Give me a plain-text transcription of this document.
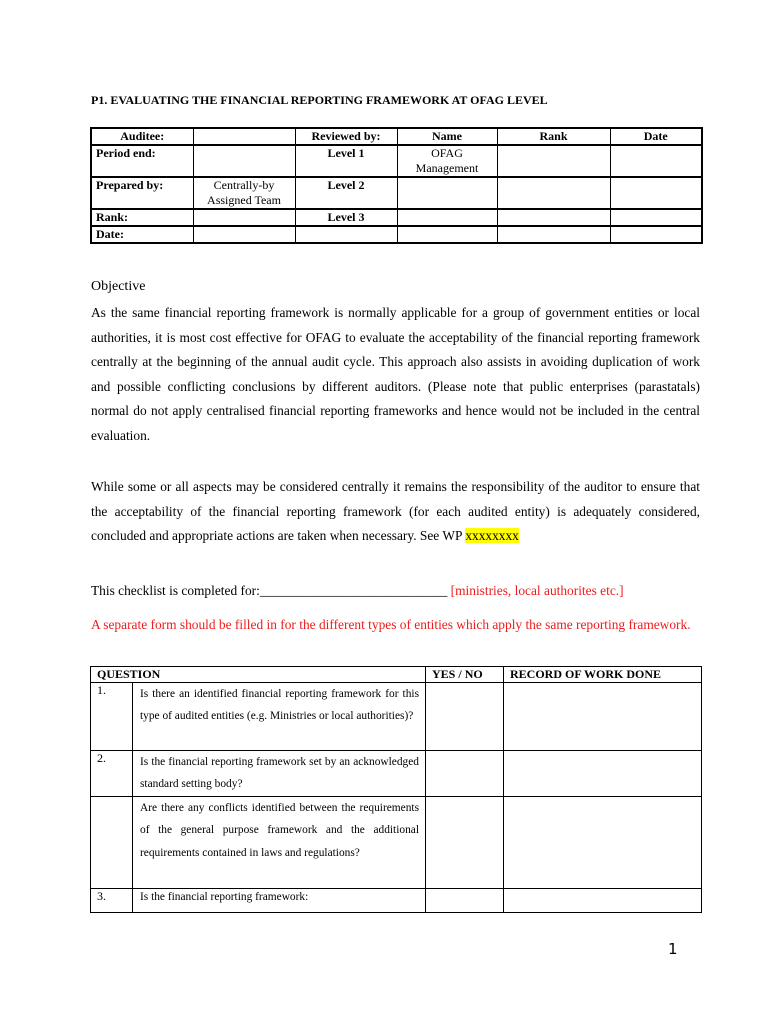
P1. EVALUATING THE FINANCIAL REPORTING FRAMEWORK AT OFAG LEVEL
Auditee:		Reviewed by:	Name	Rank	Date
Period end:		Level 1	OFAG Management		
Prepared by:	Centrally-by Assigned Team	Level 2			
Rank:		Level 3			
Date:					
Objective
As the same financial reporting framework is normally applicable for a group of government entities or local authorities, it is most cost effective for OFAG to evaluate the acceptability of the financial reporting framework centrally at the beginning of the annual audit cycle. This approach also assists in avoiding duplication of work and possible conflicting conclusions by different auditors. (Please note that public enterprises (parastatals) normal do not apply centralised financial reporting frameworks and hence would not be included in the central evaluation.
While some or all aspects may be considered centrally it remains the responsibility of the auditor to ensure that the acceptability of the financial reporting framework (for each audited entity) is adequately considered, concluded and appropriate actions are taken when necessary. See WP xxxxxxxx
This checklist is completed for:____________________________ [ministries, local authorites etc.]
A separate form should be filled in for the different types of entities which apply the same reporting framework.
QUESTION		YES / NO	RECORD OF WORK DONE
1.	Is there an identified financial reporting framework for this type of audited entities (e.g. Ministries or local authorities)?		
2.	Is the financial reporting framework set by an acknowledged standard setting body?		
	Are there any conflicts identified between the requirements of the general purpose framework and the additional requirements contained in laws and regulations?		
3.	Is the financial reporting framework:		
1
